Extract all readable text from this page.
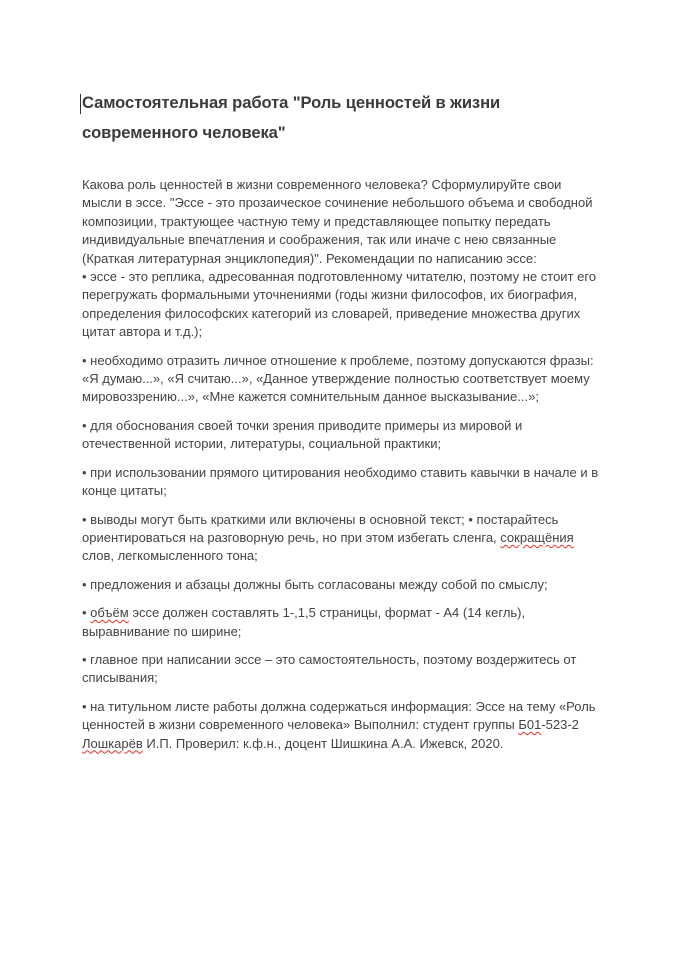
Самостоятельная работа "Роль ценностей в жизни современного человека"

Какова роль ценностей в жизни современного человека? Сформулируйте свои мысли в эссе. "Эссе - это прозаическое сочинение небольшого объема и свободной композиции, трактующее частную тему и представляющее попытку передать индивидуальные впечатления и соображения, так или иначе с нею связанные (Краткая литературная энциклопедия)". Рекомендации по написанию эссе:

• эссе - это реплика, адресованная подготовленному читателю, поэтому не стоит его перегружать формальными уточнениями (годы жизни философов, их биография, определения философских категорий из словарей, приведение множества других цитат автора и т.д.);

• необходимо отразить личное отношение к проблеме, поэтому допускаются фразы: «Я думаю...», «Я считаю...», «Данное утверждение полностью соответствует моему мировоззрению...», «Мне кажется сомнительным данное высказывание...»;

• для обоснования своей точки зрения приводите примеры из мировой и отечественной истории, литературы, социальной практики;

• при использовании прямого цитирования необходимо ставить кавычки в начале и в конце цитаты;

• выводы могут быть краткими или включены в основной текст; • постарайтесь ориентироваться на разговорную речь, но при этом избегать сленга, сокращёния слов, легкомысленного тона;

• предложения и абзацы должны быть согласованы между собой по смыслу;

• объём эссе должен составлять 1-,1,5 страницы, формат - А4 (14 кегль), выравнивание по ширине;

• главное при написании эссе – это самостоятельность, поэтому воздержитесь от списывания;

• на титульном листе работы должна содержаться информация: Эссе на тему «Роль ценностей в жизни современного человека» Выполнил: студент группы Б01-523-2 Лошкарёв И.П. Проверил: к.ф.н., доцент Шишкина А.А. Ижевск, 2020.
